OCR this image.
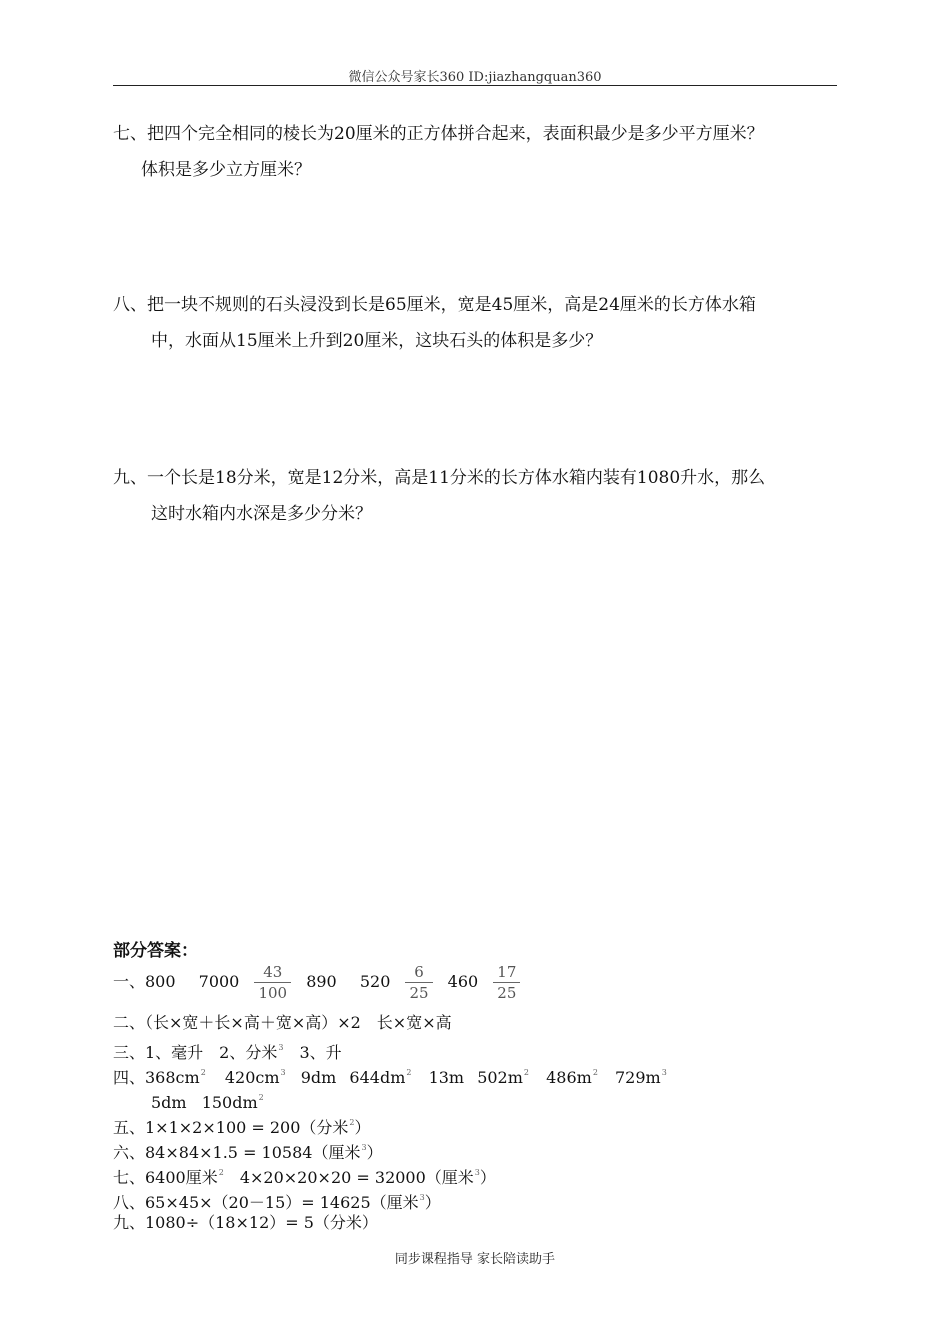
微信公众号家长360 ID:jiazhangquan360
七、把四个完全相同的棱长为20厘米的正方体拼合起来，表面积最少是多少平方厘米？
体积是多少立方厘米？
八、把一块不规则的石头浸没到长是65厘米，宽是45厘米，高是24厘米的长方体水箱
中，水面从15厘米上升到20厘米，这块石头的体积是多少？
九、一个长是18分米，宽是12分米，高是11分米的长方体水箱内装有1080升水，那么
这时水箱内水深是多少分米？
部分答案：
一、800 $7000 \frac{43}{100} 890$ $520 \frac{6}{25} 460 \frac{17}{25}$
二、（长×宽＋长×高＋宽×高）×2　长×宽×高
三、1、毫升　2、分米$^3$　3、升
四、$368cm^2$ $420cm^3$ 9dm $644dm^2$ 13m $502m^2$ $486m^2$ $729m^3$
5dm $150dm^2$
五、1×1×2×100 = 200（分米$^2$）
六、84×84×1.5 = 10584（厘米$^3$）
七、6400厘米$^2$　4×20×20×20 = 32000（厘米$^3$）
八、65×45×（20－15）= 14625（厘米$^3$）
九、1080÷（18×12）= 5（分米）
同步课程指导 家长陪读助手
